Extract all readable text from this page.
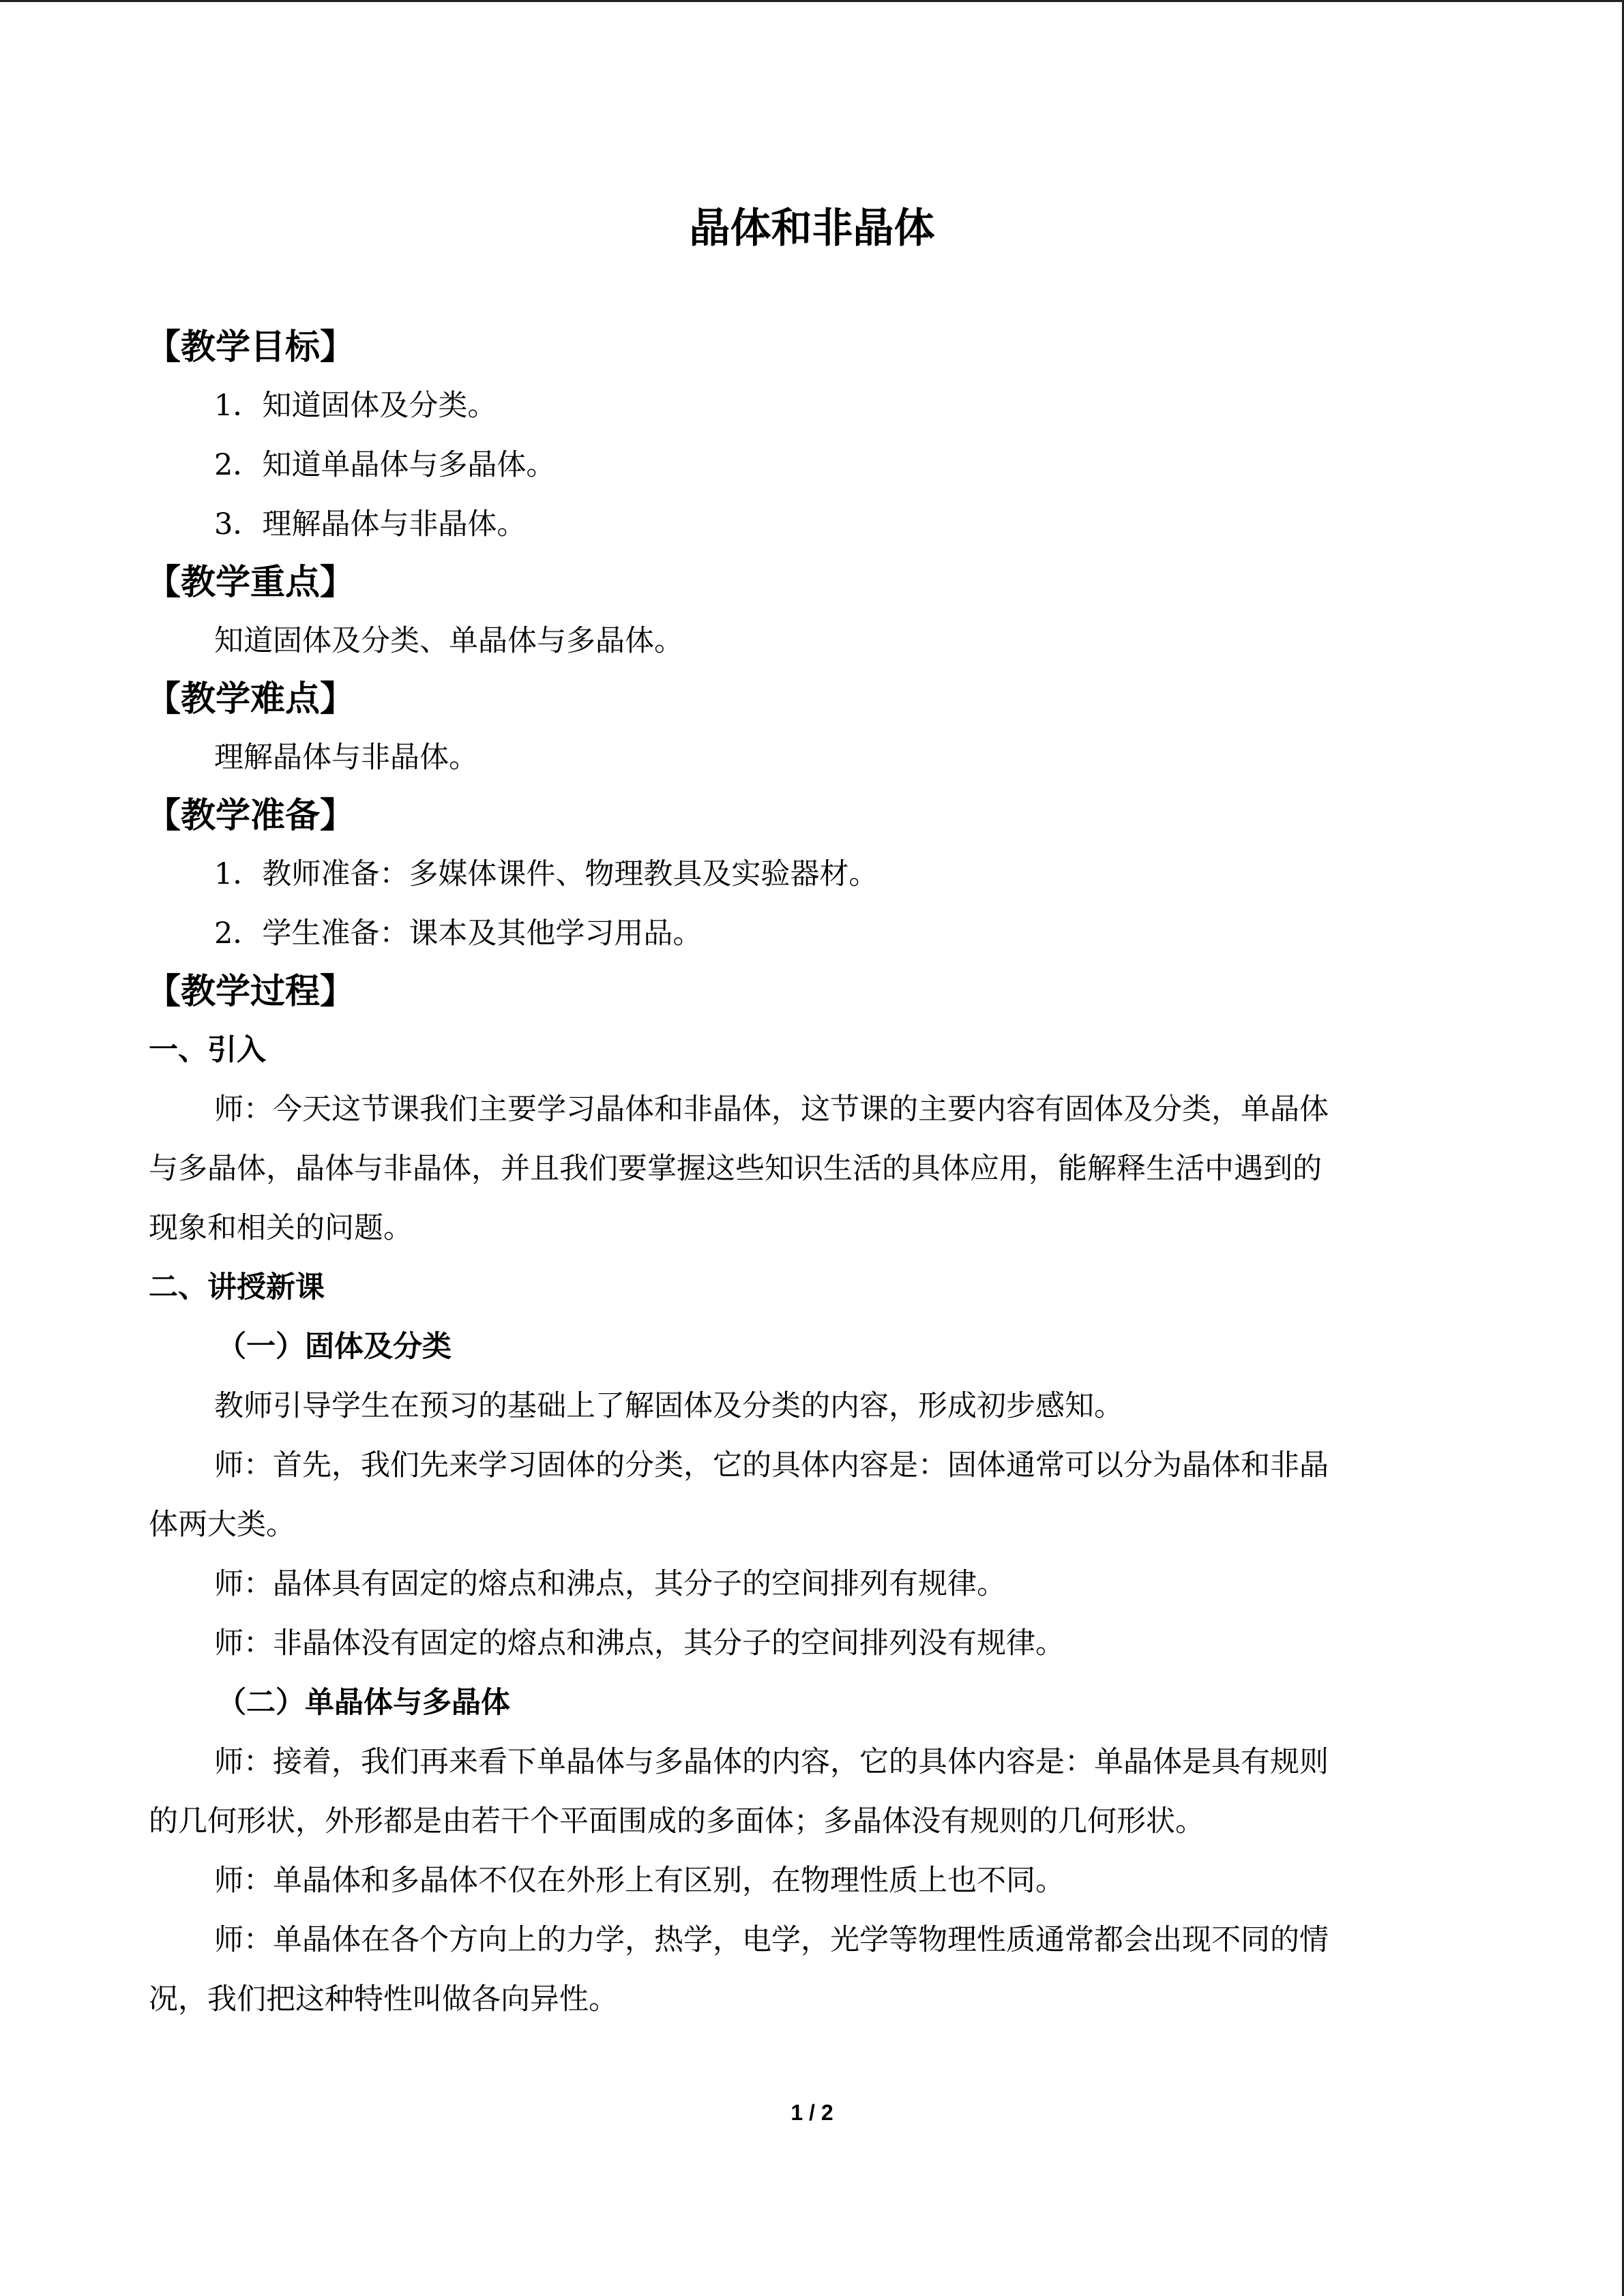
晶体和非晶体
【教学目标】
1．知道固体及分类。
2．知道单晶体与多晶体。
3．理解晶体与非晶体。
【教学重点】
知道固体及分类、单晶体与多晶体。
【教学难点】
理解晶体与非晶体。
【教学准备】
1．教师准备：多媒体课件、物理教具及实验器材。
2．学生准备：课本及其他学习用品。
【教学过程】
一、引入
师：今天这节课我们主要学习晶体和非晶体，这节课的主要内容有固体及分类，单晶体
与多晶体，晶体与非晶体，并且我们要掌握这些知识生活的具体应用，能解释生活中遇到的
现象和相关的问题。
二、讲授新课
（一）固体及分类
教师引导学生在预习的基础上了解固体及分类的内容，形成初步感知。
师：首先，我们先来学习固体的分类，它的具体内容是：固体通常可以分为晶体和非晶
体两大类。
师：晶体具有固定的熔点和沸点，其分子的空间排列有规律。
师：非晶体没有固定的熔点和沸点，其分子的空间排列没有规律。
（二）单晶体与多晶体
师：接着，我们再来看下单晶体与多晶体的内容，它的具体内容是：单晶体是具有规则
的几何形状，外形都是由若干个平面围成的多面体；多晶体没有规则的几何形状。
师：单晶体和多晶体不仅在外形上有区别，在物理性质上也不同。
师：单晶体在各个方向上的力学，热学，电学，光学等物理性质通常都会出现不同的情
况，我们把这种特性叫做各向异性。
1 / 2
